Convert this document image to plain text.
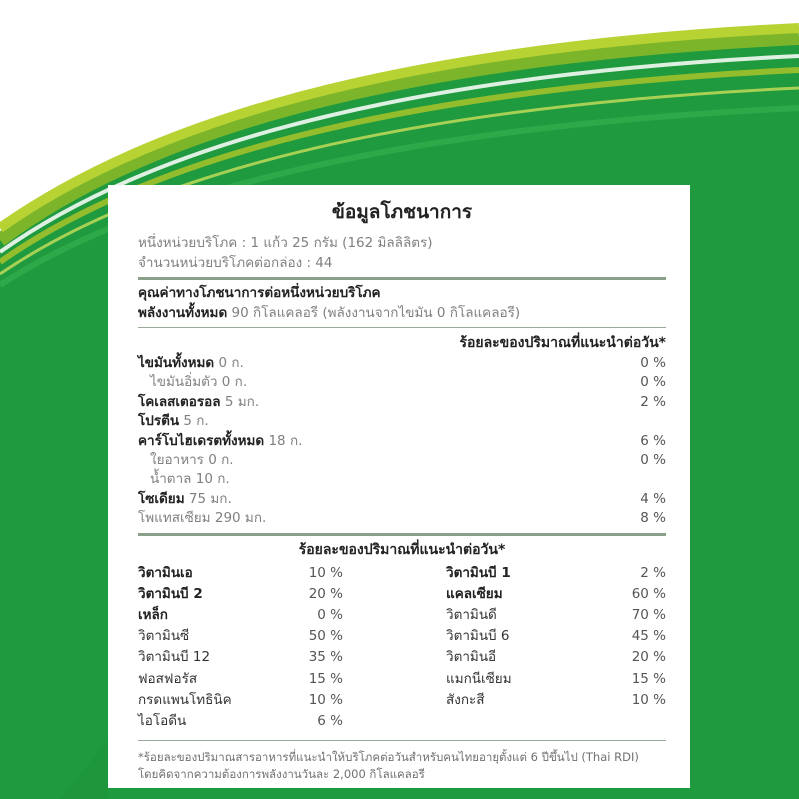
ข้อมูลโภชนาการ
หนึ่งหน่วยบริโภค : 1 แก้ว 25 กรัม (162 มิลลิลิตร)
จำนวนหน่วยบริโภคต่อกล่อง : 44
คุณค่าทางโภชนาการต่อหนึ่งหน่วยบริโภค
พลังงานทั้งหมด 90 กิโลแคลอรี (พลังงานจากไขมัน 0 กิโลแคลอรี)
ร้อยละของปริมาณที่แนะนำต่อวัน*
ไขมันทั้งหมด 0 ก.	0 %
ไขมันอิ่มตัว 0 ก.	0 %
โคเลสเตอรอล 5 มก.	2 %
โปรตีน 5 ก.
คาร์โบไฮเดรตทั้งหมด 18 ก.	6 %
ใยอาหาร 0 ก.	0 %
น้ำตาล 10 ก.
โซเดียม 75 มก.	4 %
โพแทสเซียม 290 มก.	8 %
ร้อยละของปริมาณที่แนะนำต่อวัน*
วิตามินเอ	10 %	วิตามินบี 1	2 %
วิตามินบี 2	20 %	แคลเซียม	60 %
เหล็ก	0 %	วิตามินดี	70 %
วิตามินซี	50 %	วิตามินบี 6	45 %
วิตามินบี 12	35 %	วิตามินอี	20 %
ฟอสฟอรัส	15 %	แมกนีเซียม	15 %
กรดแพนโทธินิค	10 %	สังกะสี	10 %
ไอโอดีน	6 %
*ร้อยละของปริมาณสารอาหารที่แนะนำให้บริโภคต่อวันสำหรับคนไทยอายุตั้งแต่ 6 ปีขึ้นไป (Thai RDI)
โดยคิดจากความต้องการพลังงานวันละ 2,000 กิโลแคลอรี
